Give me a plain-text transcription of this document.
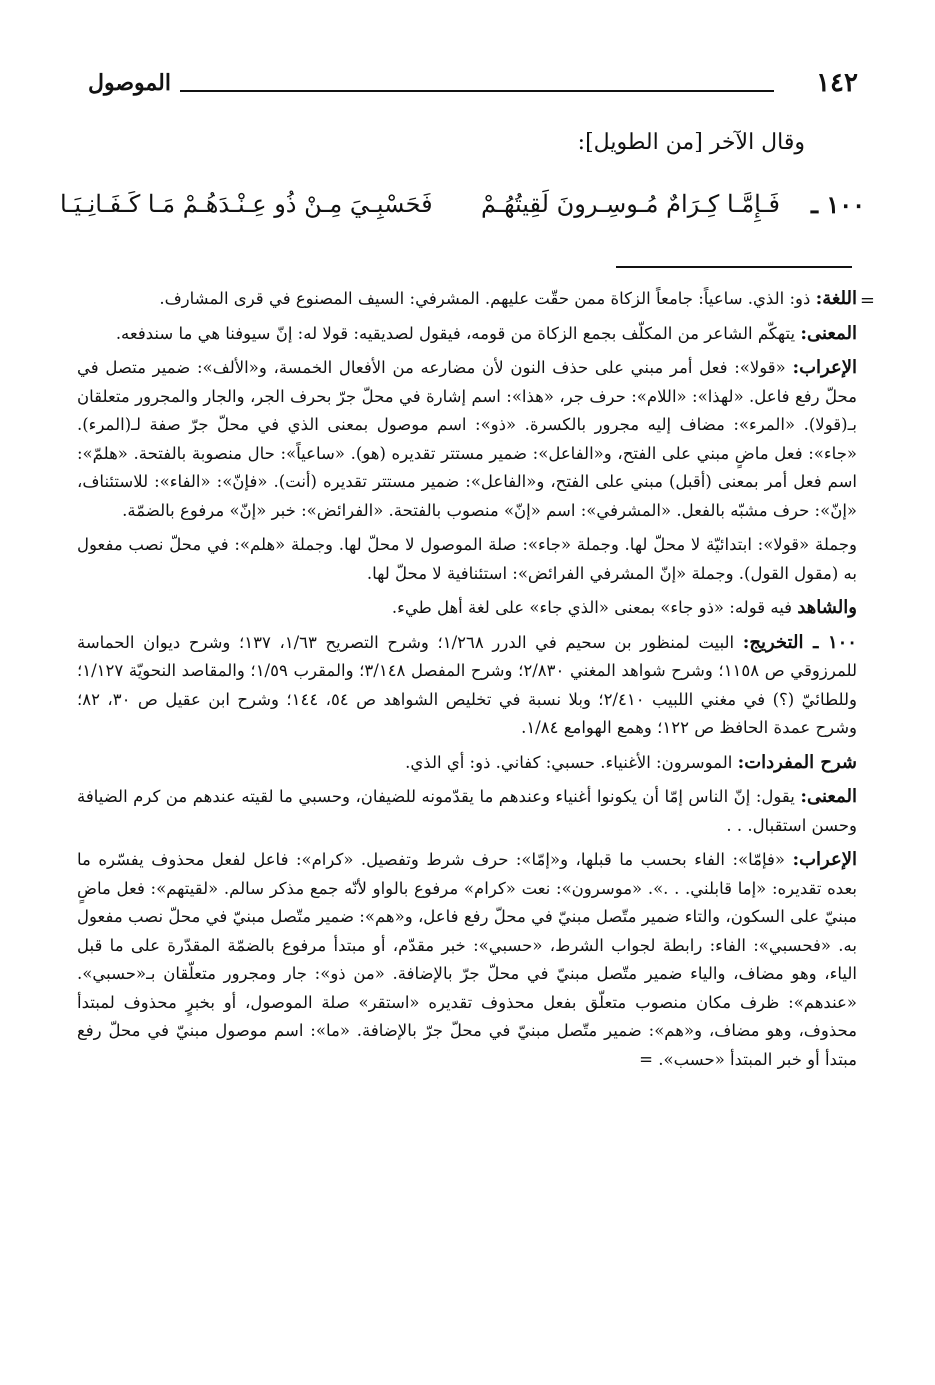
١٤٢
الموصول
وقال الآخر [من الطويل]:
١٠٠ ـ
فَـإِمَّـا كِـرَامٌ مُـوسِـرونَ لَقِيتُهُـمْ
فَحَسْبِـيَ مِـنْ ذُو عِـنْـدَهُـمْ مَـا كَـفَـانِـيَـا
=

اللغة: ذو: الذي. ساعياً: جامعاً الزكاة ممن حقّت عليهم. المشرفي: السيف المصنوع في قرى المشارف.

المعنى: يتهكّم الشاعر من المكلّف بجمع الزكاة من قومه، فيقول لصديقيه: قولا له: إنّ سيوفنا هي ما سندفعه.

الإعراب: «قولا»: فعل أمر مبني على حذف النون لأن مضارعه من الأفعال الخمسة، و«الألف»: ضمير متصل في محلّ رفع فاعل. «لهذا»: «اللام»: حرف جر، «هذا»: اسم إشارة في محلّ جرّ بحرف الجر، والجار والمجرور متعلقان بـ(قولا). «المرء»: مضاف إليه مجرور بالكسرة. «ذو»: اسم موصول بمعنى الذي في محلّ جرّ صفة لـ(المرء). «جاء»: فعل ماضٍ مبني على الفتح، و«الفاعل»: ضمير مستتر تقديره (هو). «ساعياً»: حال منصوبة بالفتحة. «هلمّ»: اسم فعل أمر بمعنى (أقبل) مبني على الفتح، و«الفاعل»: ضمير مستتر تقديره (أنت). «فإنّ»: «الفاء»: للاستئناف، «إنّ»: حرف مشبّه بالفعل. «المشرفي»: اسم «إنّ» منصوب بالفتحة. «الفرائض»: خبر «إنّ» مرفوع بالضمّة.

وجملة «قولا»: ابتدائيّة لا محلّ لها. وجملة «جاء»: صلة الموصول لا محلّ لها. وجملة «هلم»: في محلّ نصب مفعول به (مقول القول). وجملة «إنّ المشرفي الفرائض»: استئنافية لا محلّ لها.

والشاهد فيه قوله: «ذو جاء» بمعنى «الذي جاء» على لغة أهل طيء.

١٠٠ ـ التخريج: البيت لمنظور بن سحيم في الدرر ١/٢٦٨؛ وشرح التصريح ١/٦٣، ١٣٧؛ وشرح ديوان الحماسة للمرزوقي ص ١١٥٨؛ وشرح شواهد المغني ٢/٨٣٠؛ وشرح المفصل ٣/١٤٨؛ والمقرب ١/٥٩؛ والمقاصد النحويّة ١/١٢٧؛ وللطائيّ (؟) في مغني اللبيب ٢/٤١٠؛ وبلا نسبة في تخليص الشواهد ص ٥٤، ١٤٤؛ وشرح ابن عقيل ص ٣٠، ٨٢؛ وشرح عمدة الحافظ ص ١٢٢؛ وهمع الهوامع ١/٨٤.

شرح المفردات: الموسرون: الأغنياء. حسبي: كفاني. ذو: أي الذي.

المعنى: يقول: إنّ الناس إمّا أن يكونوا أغنياء وعندهم ما يقدّمونه للضيفان، وحسبي ما لقيته عندهم من كرم الضيافة وحسن استقبال. . .

الإعراب: «فإمّا»: الفاء بحسب ما قبلها، و«إمّا»: حرف شرط وتفصيل. «كرام»: فاعل لفعل محذوف يفسّره ما بعده تقديره: «إما قابلني. . .». «موسرون»: نعت «كرام» مرفوع بالواو لأنّه جمع مذكر سالم. «لقيتهم»: فعل ماضٍ مبنيّ على السكون، والتاء ضمير متّصل مبنيّ في محلّ رفع فاعل، و«هم»: ضمير متّصل مبنيّ في محلّ نصب مفعول به. «فحسبي»: الفاء: رابطة لجواب الشرط، «حسبي»: خبر مقدّم، أو مبتدأ مرفوع بالضمّة المقدّرة على ما قبل الياء، وهو مضاف، والياء ضمير متّصل مبنيّ في محلّ جرّ بالإضافة. «من ذو»: جار ومجرور متعلّقان بـ«حسبي». «عندهم»: ظرف مكان منصوب متعلّق بفعل محذوف تقديره «استقر» صلة الموصول، أو بخبرٍ محذوف لمبتدأ محذوف، وهو مضاف، و«هم»: ضمير متّصل مبنيّ في محلّ جرّ بالإضافة. «ما»: اسم موصول مبنيّ في محلّ رفع مبتدأ أو خبر المبتدأ «حسب». =
